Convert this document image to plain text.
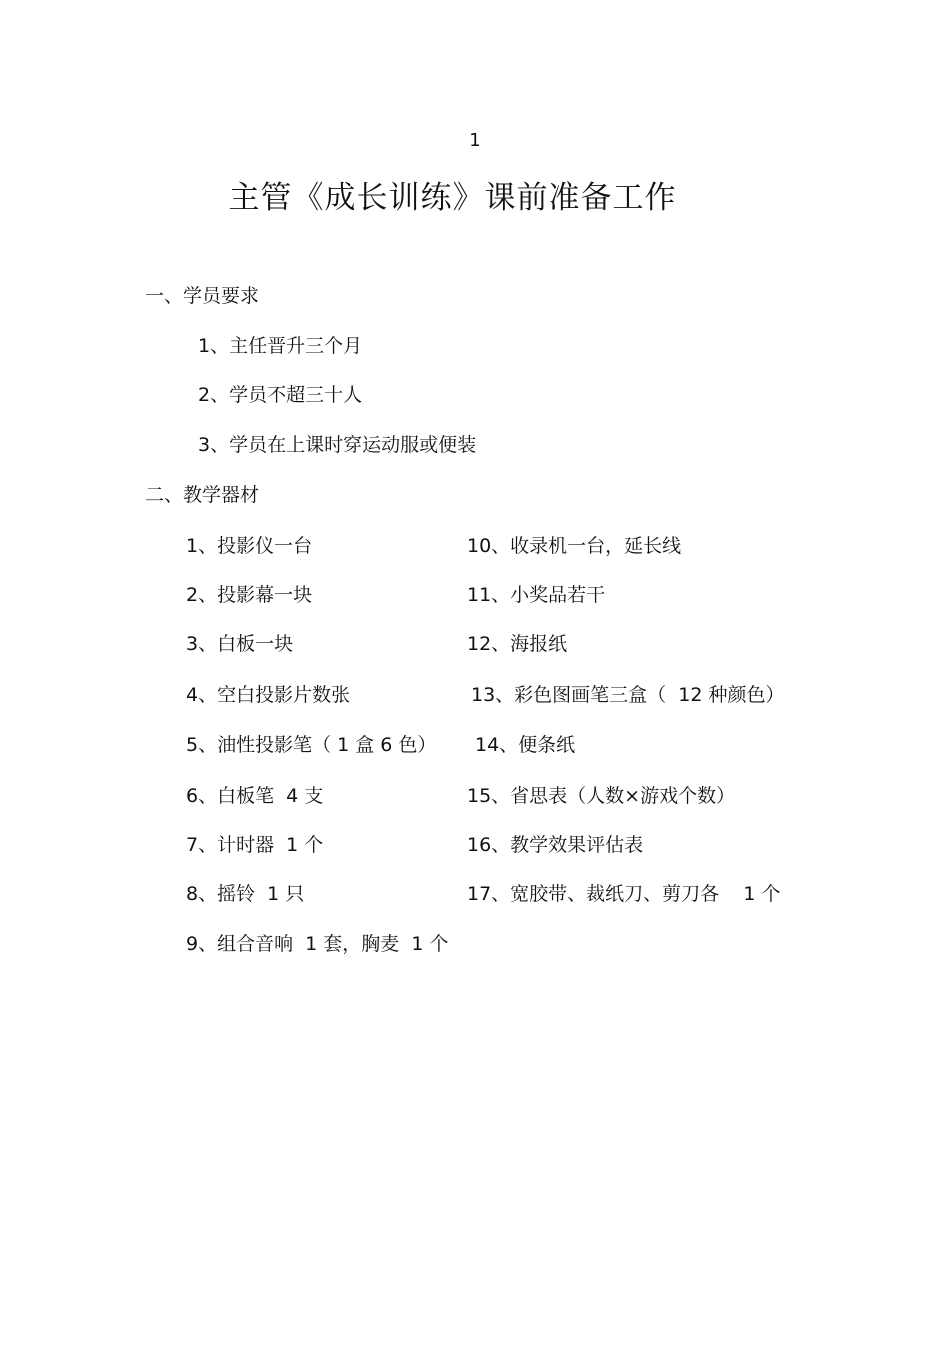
1
主管《成长训练》课前准备工作
一、学员要求
1、主任晋升三个月
2、学员不超三十人
3、学员在上课时穿运动服或便装
二、教学器材
1、投影仪一台
2、投影幕一块
3、白板一块
4、空白投影片数张
5、油性投影笔（ 1 盒 6 色）
6、白板笔  4 支
7、计时器  1 个
8、摇铃  1 只
9、组合音响  1 套，胸麦  1 个
10、收录机一台，延长线
11、小奖品若干
12、海报纸
13、彩色图画笔三盒（  12 种颜色）
14、便条纸
15、省思表（人数×游戏个数）
16、教学效果评估表
17、宽胶带、裁纸刀、剪刀各    1 个
